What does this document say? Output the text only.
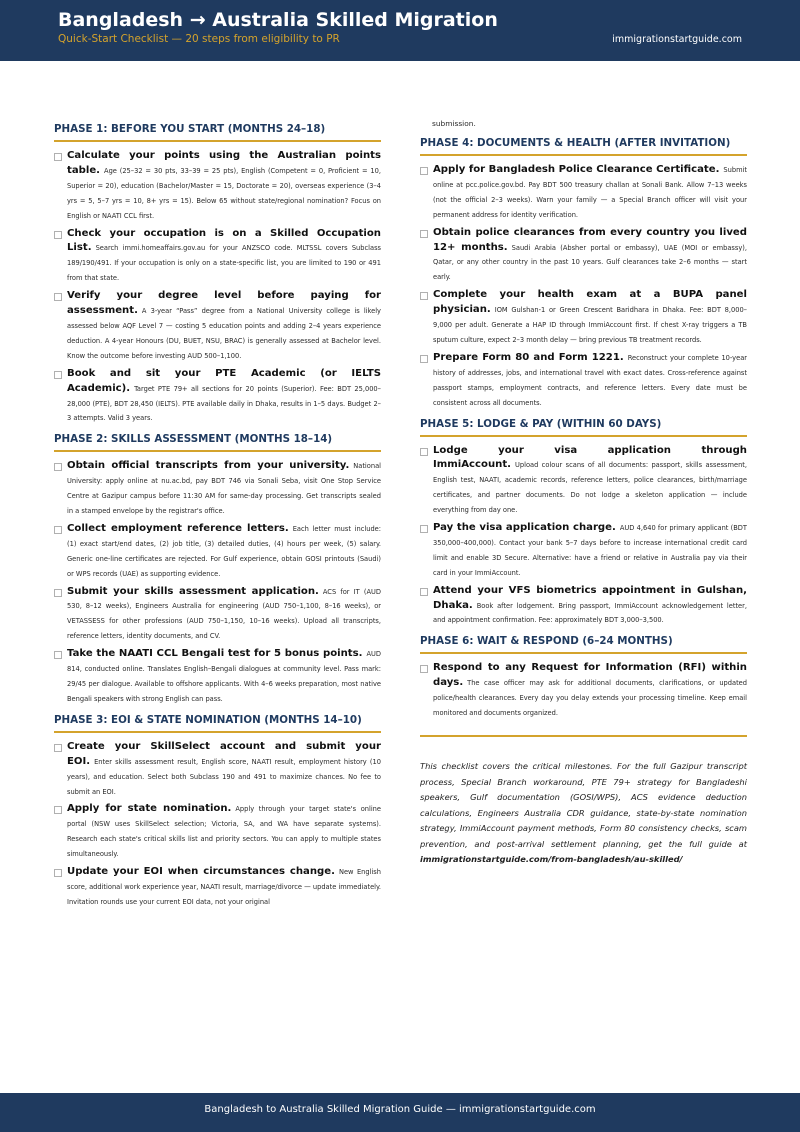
Bangladesh → Australia Skilled Migration
Quick-Start Checklist — 20 steps from eligibility to PR	immigrationstartguide.com
PHASE 1: BEFORE YOU START (MONTHS 24–18)
Calculate your points using the Australian points table. Age (25–32 = 30 pts, 33–39 = 25 pts), English (Competent = 0, Proficient = 10, Superior = 20), education (Bachelor/Master = 15, Doctorate = 20), overseas experience (3–4 yrs = 5, 5–7 yrs = 10, 8+ yrs = 15). Below 65 without state/regional nomination? Focus on English or NAATI CCL first.
Check your occupation is on a Skilled Occupation List. Search immi.homeaffairs.gov.au for your ANZSCO code. MLTSSL covers Subclass 189/190/491. If your occupation is only on a state-specific list, you are limited to 190 or 491 from that state.
Verify your degree level before paying for assessment. A 3-year “Pass” degree from a National University college is likely assessed below AQF Level 7 — costing 5 education points and adding 2–4 years experience deduction. A 4-year Honours (DU, BUET, NSU, BRAC) is generally assessed at Bachelor level. Know the outcome before investing AUD 500–1,100.
Book and sit your PTE Academic (or IELTS Academic). Target PTE 79+ all sections for 20 points (Superior). Fee: BDT 25,000–28,000 (PTE), BDT 28,450 (IELTS). PTE available daily in Dhaka, results in 1–5 days. Budget 2–3 attempts. Valid 3 years.
PHASE 2: SKILLS ASSESSMENT (MONTHS 18–14)
Obtain official transcripts from your university. National University: apply online at nu.ac.bd, pay BDT 746 via Sonali Seba, visit One Stop Service Centre at Gazipur campus before 11:30 AM for same-day processing. Get transcripts sealed in a stamped envelope by the registrar's office.
Collect employment reference letters. Each letter must include: (1) exact start/end dates, (2) job title, (3) detailed duties, (4) hours per week, (5) salary. Generic one-line certificates are rejected. For Gulf experience, obtain GOSI printouts (Saudi) or WPS records (UAE) as supporting evidence.
Submit your skills assessment application. ACS for IT (AUD 530, 8–12 weeks), Engineers Australia for engineering (AUD 750–1,100, 8–16 weeks), or VETASSESS for other professions (AUD 750–1,150, 10–16 weeks). Upload all transcripts, reference letters, identity documents, and CV.
Take the NAATI CCL Bengali test for 5 bonus points. AUD 814, conducted online. Translates English–Bengali dialogues at community level. Pass mark: 29/45 per dialogue. Available to offshore applicants. With 4–6 weeks preparation, most native Bengali speakers with strong English can pass.
PHASE 3: EOI & STATE NOMINATION (MONTHS 14–10)
Create your SkillSelect account and submit your EOI. Enter skills assessment result, English score, NAATI result, employment history (10 years), and education. Select both Subclass 190 and 491 to maximize chances. No fee to submit an EOI.
Apply for state nomination. Apply through your target state's online portal (NSW uses SkillSelect selection; Victoria, SA, and WA have separate systems). Research each state's critical skills list and priority sectors. You can apply to multiple states simultaneously.
Update your EOI when circumstances change. New English score, additional work experience year, NAATI result, marriage/divorce — update immediately. Invitation rounds use your current EOI data, not your original
submission.
PHASE 4: DOCUMENTS & HEALTH (AFTER INVITATION)
Apply for Bangladesh Police Clearance Certificate. Submit online at pcc.police.gov.bd. Pay BDT 500 treasury challan at Sonali Bank. Allow 7–13 weeks (not the official 2–3 weeks). Warn your family — a Special Branch officer will visit your permanent address for identity verification.
Obtain police clearances from every country you lived 12+ months. Saudi Arabia (Absher portal or embassy), UAE (MOI or embassy), Qatar, or any other country in the past 10 years. Gulf clearances take 2–6 months — start early.
Complete your health exam at a BUPA panel physician. IOM Gulshan-1 or Green Crescent Baridhara in Dhaka. Fee: BDT 8,000–9,000 per adult. Generate a HAP ID through ImmiAccount first. If chest X-ray triggers a TB sputum culture, expect 2–3 month delay — bring previous TB treatment records.
Prepare Form 80 and Form 1221. Reconstruct your complete 10-year history of addresses, jobs, and international travel with exact dates. Cross-reference against passport stamps, employment contracts, and reference letters. Every date must be consistent across all documents.
PHASE 5: LODGE & PAY (WITHIN 60 DAYS)
Lodge your visa application through ImmiAccount. Upload colour scans of all documents: passport, skills assessment, English test, NAATI, academic records, reference letters, police clearances, birth/marriage certificates, and partner documents. Do not lodge a skeleton application — include everything from day one.
Pay the visa application charge. AUD 4,640 for primary applicant (BDT 350,000–400,000). Contact your bank 5–7 days before to increase international credit card limit and enable 3D Secure. Alternative: have a friend or relative in Australia pay via their card in your ImmiAccount.
Attend your VFS biometrics appointment in Gulshan, Dhaka. Book after lodgement. Bring passport, ImmiAccount acknowledgement letter, and appointment confirmation. Fee: approximately BDT 3,000–3,500.
PHASE 6: WAIT & RESPOND (6–24 MONTHS)
Respond to any Request for Information (RFI) within days. The case officer may ask for additional documents, clarifications, or updated police/health clearances. Every day you delay extends your processing timeline. Keep email monitored and documents organized.
This checklist covers the critical milestones. For the full Gazipur transcript process, Special Branch workaround, PTE 79+ strategy for Bangladeshi speakers, Gulf documentation (GOSI/WPS), ACS evidence deduction calculations, Engineers Australia CDR guidance, state-by-state nomination strategy, ImmiAccount payment methods, Form 80 consistency checks, scam prevention, and post-arrival settlement planning, get the full guide at immigrationstartguide.com/from-bangladesh/au-skilled/
Bangladesh to Australia Skilled Migration Guide — immigrationstartguide.com
